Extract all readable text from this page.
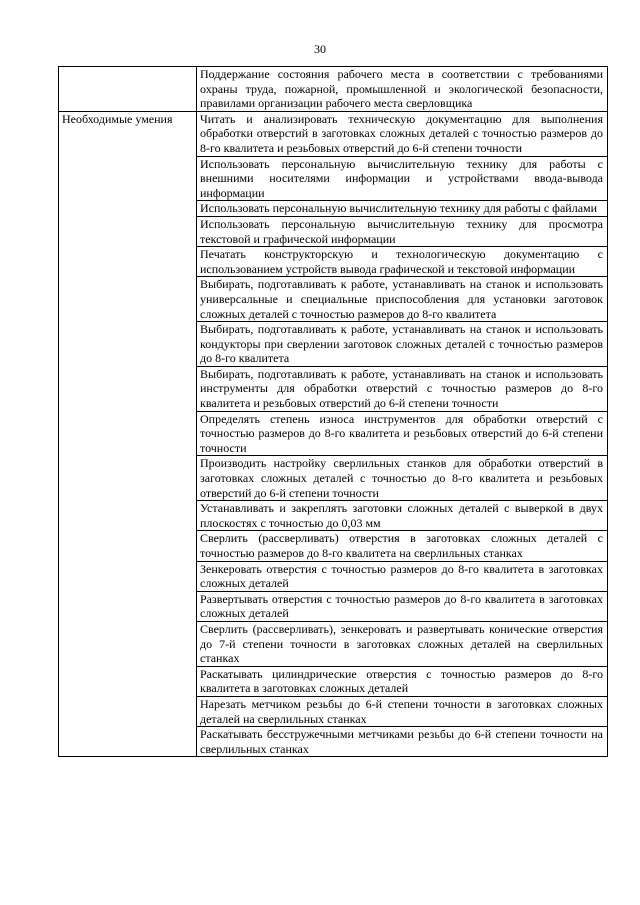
30
	Поддержание состояния рабочего места в соответствии с требованиями охраны труда, пожарной, промышленной и экологической безопасности, правилами организации рабочего места сверловщика
Необходимые умения	Читать и анализировать техническую документацию для выполнения обработки отверстий в заготовках сложных деталей с точностью размеров до 8-го квалитета и резьбовых отверстий до 6-й степени точности
	Использовать персональную вычислительную технику для работы с внешними носителями информации и устройствами ввода-вывода информации
	Использовать персональную вычислительную технику для работы с файлами
	Использовать персональную вычислительную технику для просмотра текстовой и графической информации
	Печатать конструкторскую и технологическую документацию с использованием устройств вывода графической и текстовой информации
	Выбирать, подготавливать к работе, устанавливать на станок и использовать универсальные и специальные приспособления для установки заготовок сложных деталей с точностью размеров до 8-го квалитета
	Выбирать, подготавливать к работе, устанавливать на станок и использовать кондукторы при сверлении заготовок сложных деталей с точностью размеров до 8-го квалитета
	Выбирать, подготавливать к работе, устанавливать на станок и использовать инструменты для обработки отверстий с точностью размеров до 8-го квалитета и резьбовых отверстий до 6-й степени точности
	Определять степень износа инструментов для обработки отверстий с точностью размеров до 8-го квалитета и резьбовых отверстий до 6-й степени точности
	Производить настройку сверлильных станков для обработки отверстий в заготовках сложных деталей с точностью до 8-го квалитета и резьбовых отверстий до 6-й степени точности
	Устанавливать и закреплять заготовки сложных деталей с выверкой в двух плоскостях с точностью до 0,03 мм
	Сверлить (рассверливать) отверстия в заготовках сложных деталей с точностью размеров до 8-го квалитета на сверлильных станках
	Зенкеровать отверстия с точностью размеров до 8-го квалитета в заготовках сложных деталей
	Развертывать отверстия с точностью размеров до 8-го квалитета в заготовках сложных деталей
	Сверлить (рассверливать), зенкеровать и развертывать конические отверстия до 7-й степени точности в заготовках сложных деталей на сверлильных станках
	Раскатывать цилиндрические отверстия с точностью размеров до 8-го квалитета в заготовках сложных деталей
	Нарезать метчиком резьбы до 6-й степени точности в заготовках сложных деталей на сверлильных станках
	Раскатывать бесстружечными метчиками резьбы до 6-й степени точности на сверлильных станках
